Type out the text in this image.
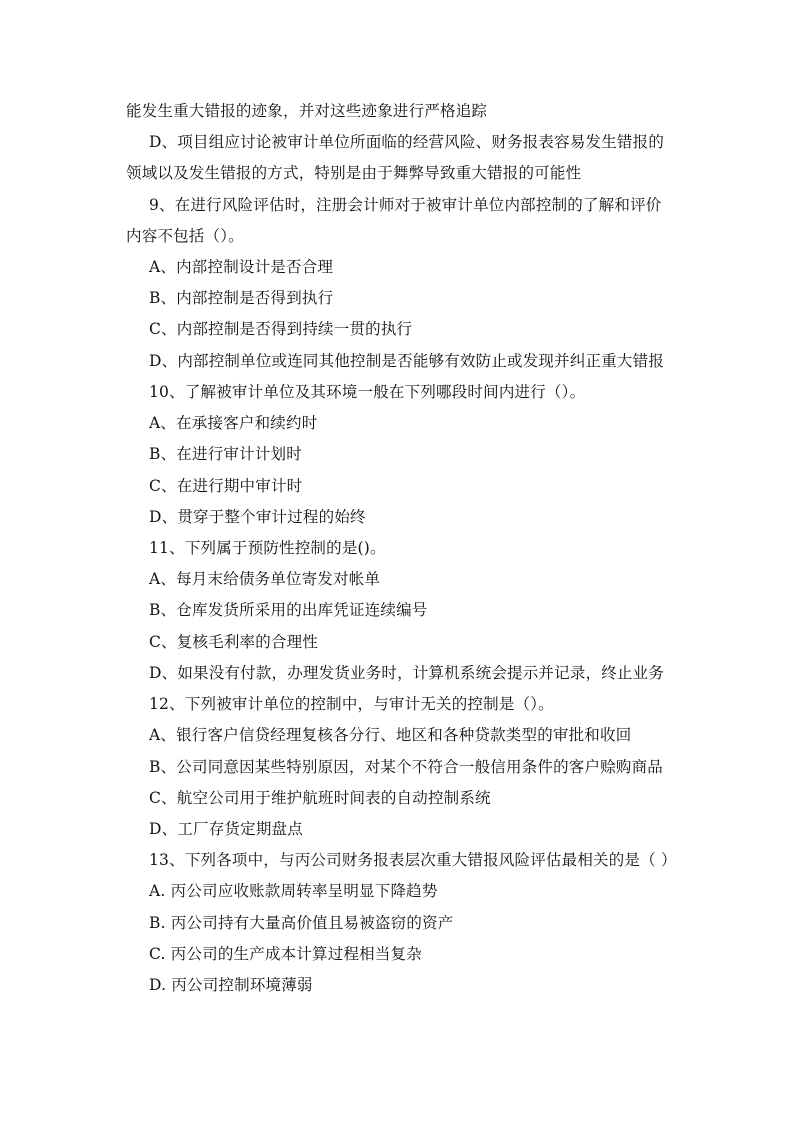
能发生重大错报的迹象，并对这些迹象进行严格追踪
D、项目组应讨论被审计单位所面临的经营风险、财务报表容易发生错报的
领域以及发生错报的方式，特别是由于舞弊导致重大错报的可能性
9、在进行风险评估时，注册会计师对于被审计单位内部控制的了解和评价
内容不包括（）。
A、内部控制设计是否合理
B、内部控制是否得到执行
C、内部控制是否得到持续一贯的执行
D、内部控制单位或连同其他控制是否能够有效防止或发现并纠正重大错报
10、了解被审计单位及其环境一般在下列哪段时间内进行（）。
A、在承接客户和续约时
B、在进行审计计划时
C、在进行期中审计时
D、贯穿于整个审计过程的始终
11、下列属于预防性控制的是()。
A、每月末给债务单位寄发对帐单
B、仓库发货所采用的出库凭证连续编号
C、复核毛利率的合理性
D、如果没有付款，办理发货业务时，计算机系统会提示并记录，终止业务
12、下列被审计单位的控制中，与审计无关的控制是（）。
A、银行客户信贷经理复核各分行、地区和各种贷款类型的审批和收回
B、公司同意因某些特别原因，对某个不符合一般信用条件的客户赊购商品
C、航空公司用于维护航班时间表的自动控制系统
D、工厂存货定期盘点
13、下列各项中，与丙公司财务报表层次重大错报风险评估最相关的是（ ）
A. 丙公司应收账款周转率呈明显下降趋势
B. 丙公司持有大量高价值且易被盗窃的资产
C. 丙公司的生产成本计算过程相当复杂
D. 丙公司控制环境薄弱
